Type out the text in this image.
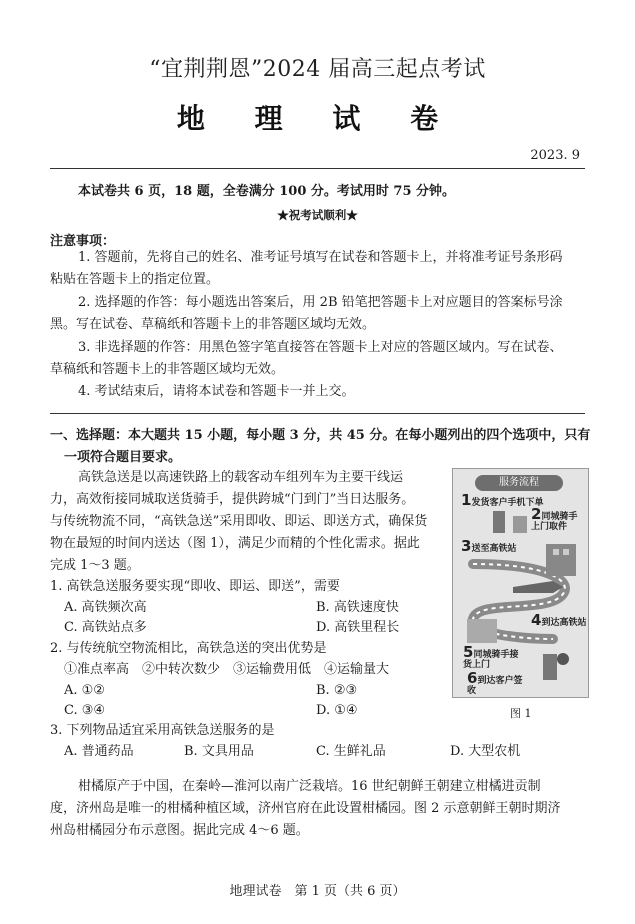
“宜荆荆恩”2024 届高三起点考试
地 理 试 卷
2023. 9
本试卷共 6 页，18 题，全卷满分 100 分。考试用时 75 分钟。
★祝考试顺利★
注意事项：
1. 答题前，先将自己的姓名、准考证号填写在试卷和答题卡上，并将准考证号条形码
粘贴在答题卡上的指定位置。
2. 选择题的作答：每小题选出答案后，用 2B 铅笔把答题卡上对应题目的答案标号涂
黑。写在试卷、草稿纸和答题卡上的非答题区域均无效。
3. 非选择题的作答：用黑色签字笔直接答在答题卡上对应的答题区域内。写在试卷、
草稿纸和答题卡上的非答题区域均无效。
4. 考试结束后，请将本试卷和答题卡一并上交。
一、选择题：本大题共 15 小题，每小题 3 分，共 45 分。在每小题列出的四个选项中，只有
一项符合题目要求。
高铁急送是以高速铁路上的载客动车组列车为主要干线运
力，高效衔接同城取送货骑手，提供跨城“门到门”当日达服务。
与传统物流不同，“高铁急送”采用即收、即运、即送方式，确保货
物在最短的时间内送达（图 1），满足少而精的个性化需求。据此
完成 1～3 题。
1. 高铁急送服务要实现“即收、即运、即送”，需要
A. 高铁频次高	B. 高铁速度快
C. 高铁站点多	D. 高铁里程长
2. 与传统航空物流相比，高铁急送的突出优势是
①准点率高　②中转次数少　③运输费用低　④运输量大
A. ①②	B. ②③
C. ③④	D. ①④
3. 下列物品适宜采用高铁急送服务的是
A. 普通药品	B. 文具用品	C. 生鲜礼品	D. 大型农机
柑橘原产于中国，在秦岭—淮河以南广泛栽培。16 世纪朝鲜王朝建立柑橘进贡制
度，济州岛是唯一的柑橘种植区域，济州官府在此设置柑橘园。图 2 示意朝鲜王朝时期济
州岛柑橘园分布示意图。据此完成 4～6 题。
服务流程
1发货客户手机下单
2同城骑手上门取件
3送至高铁站
4到达高铁站
5同城骑手接货上门
6到达客户签收
图 1
地理试卷　第 1 页（共 6 页）
